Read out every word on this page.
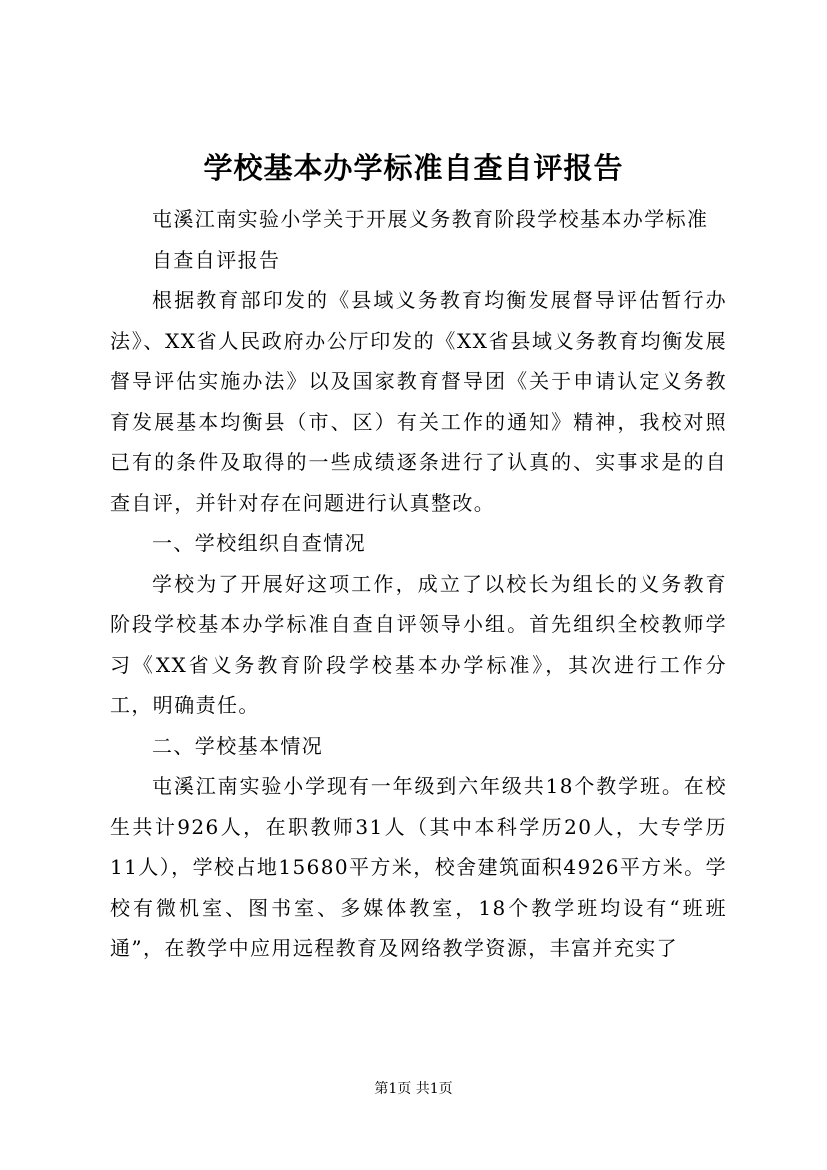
学校基本办学标准自查自评报告

屯溪江南实验小学关于开展义务教育阶段学校基本办学标准

自查自评报告

根据教育部印发的《县域义务教育均衡发展督导评估暂行办法》、XX省人民政府办公厅印发的《XX省县域义务教育均衡发展督导评估实施办法》以及国家教育督导团《关于申请认定义务教育发展基本均衡县（市、区）有关工作的通知》精神，我校对照已有的条件及取得的一些成绩逐条进行了认真的、实事求是的自查自评，并针对存在问题进行认真整改。

一、学校组织自查情况

学校为了开展好这项工作，成立了以校长为组长的义务教育阶段学校基本办学标准自查自评领导小组。首先组织全校教师学习《XX省义务教育阶段学校基本办学标准》，其次进行工作分工，明确责任。

二、学校基本情况

屯溪江南实验小学现有一年级到六年级共18个教学班。在校生共计926人，在职教师31人（其中本科学历20人，大专学历11人），学校占地15680平方米，校舍建筑面积4926平方米。学校有微机室、图书室、多媒体教室，18个教学班均设有“班班通”，在教学中应用远程教育及网络教学资源，丰富并充实了

第1页 共1页
